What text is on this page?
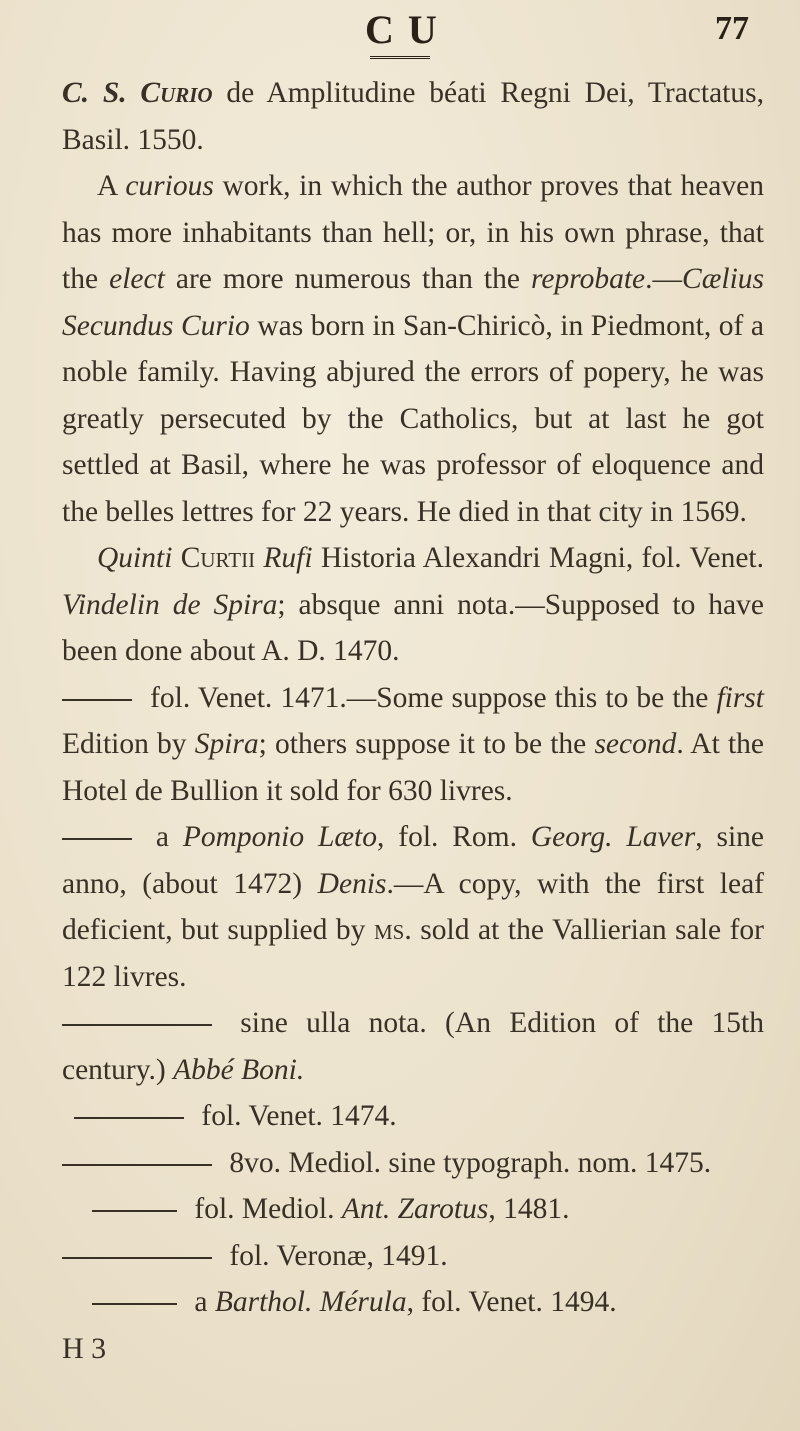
C U	77

C. S. Curio de Amplitudine béati Regni Dei, Tractatus, Basil. 1550.

A curious work, in which the author proves that heaven has more inhabitants than hell; or, in his own phrase, that the elect are more numerous than the reprobate.—Cælius Secundus Curio was born in San-Chiricò, in Piedmont, of a noble family. Having abjured the errors of popery, he was greatly persecuted by the Catholics, but at last he got settled at Basil, where he was professor of eloquence and the belles lettres for 22 years. He died in that city in 1569.

Quinti Curtii Rufi Historia Alexandri Magni, fol. Venet. Vindelin de Spira; absque anni nota.—Supposed to have been done about A. D. 1470.

fol. Venet. 1471.—Some suppose this to be the first Edition by Spira; others suppose it to be the second. At the Hotel de Bullion it sold for 630 livres.

a Pomponio Læto, fol. Rom. Georg. Laver, sine anno, (about 1472) Denis.—A copy, with the first leaf deficient, but supplied by ms. sold at the Vallierian sale for 122 livres.

sine ulla nota. (An Edition of the 15th century.) Abbé Boni.

fol. Venet. 1474.

8vo. Mediol. sine typograph. nom. 1475.

fol. Mediol. Ant. Zarotus, 1481.

fol. Veronæ, 1491.

a Barthol. Mérula, fol. Venet. 1494.

H 3
